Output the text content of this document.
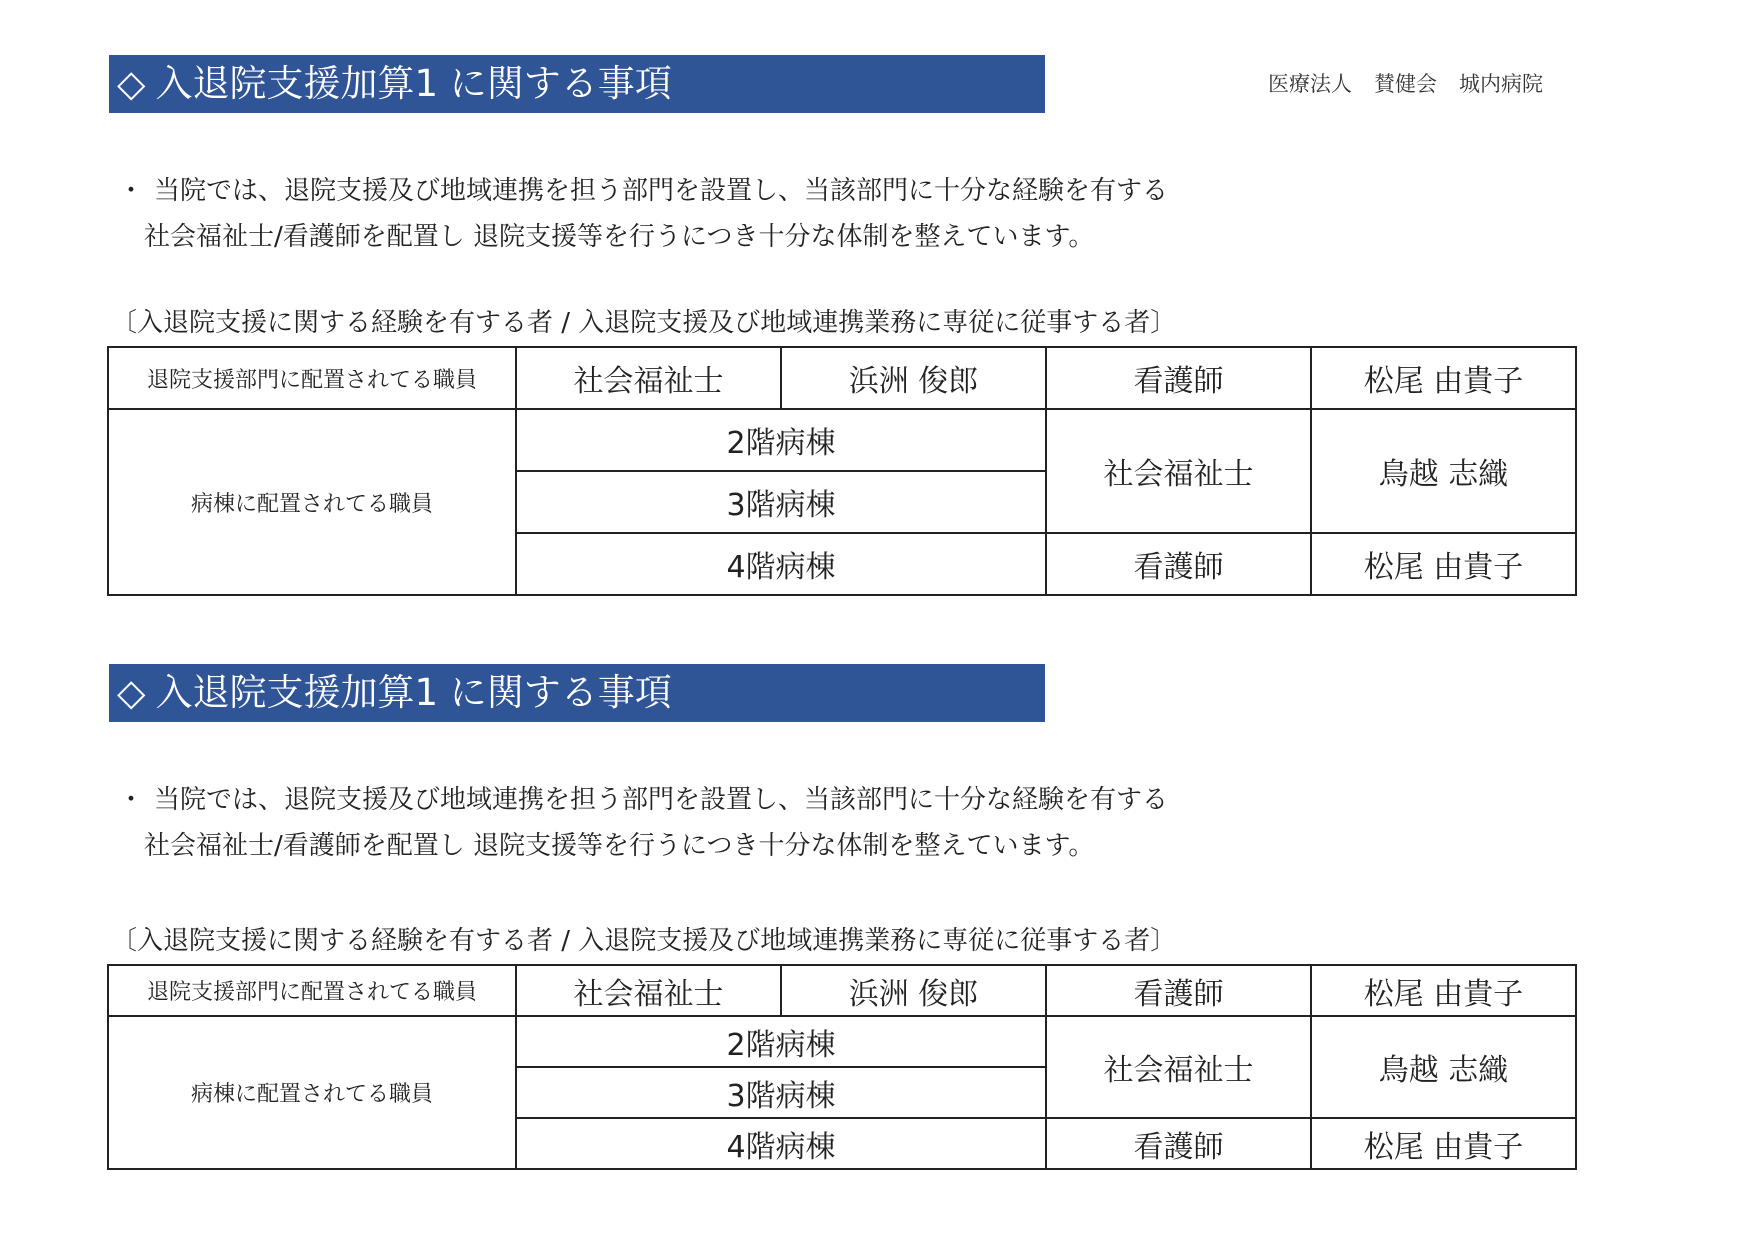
◇ 入退院支援加算1 に関する事項	医療法人 賛健会 城内病院
・ 当院では、退院支援及び地域連携を担う部門を設置し、当該部門に十分な経験を有する
社会福祉士/看護師を配置し 退院支援等を行うにつき十分な体制を整えています。
〔入退院支援に関する経験を有する者 / 入退院支援及び地域連携業務に専従に従事する者〕
退院支援部門に配置されてる職員	社会福祉士	浜洲 俊郎	看護師	松尾 由貴子
病棟に配置されてる職員	2階病棟		社会福祉士	鳥越 志織
	3階病棟			
	4階病棟		看護師	松尾 由貴子
◇ 入退院支援加算1 に関する事項
・ 当院では、退院支援及び地域連携を担う部門を設置し、当該部門に十分な経験を有する
社会福祉士/看護師を配置し 退院支援等を行うにつき十分な体制を整えています。
〔入退院支援に関する経験を有する者 / 入退院支援及び地域連携業務に専従に従事する者〕
退院支援部門に配置されてる職員	社会福祉士	浜洲 俊郎	看護師	松尾 由貴子
病棟に配置されてる職員	2階病棟		社会福祉士	鳥越 志織
	3階病棟			
	4階病棟		看護師	松尾 由貴子
